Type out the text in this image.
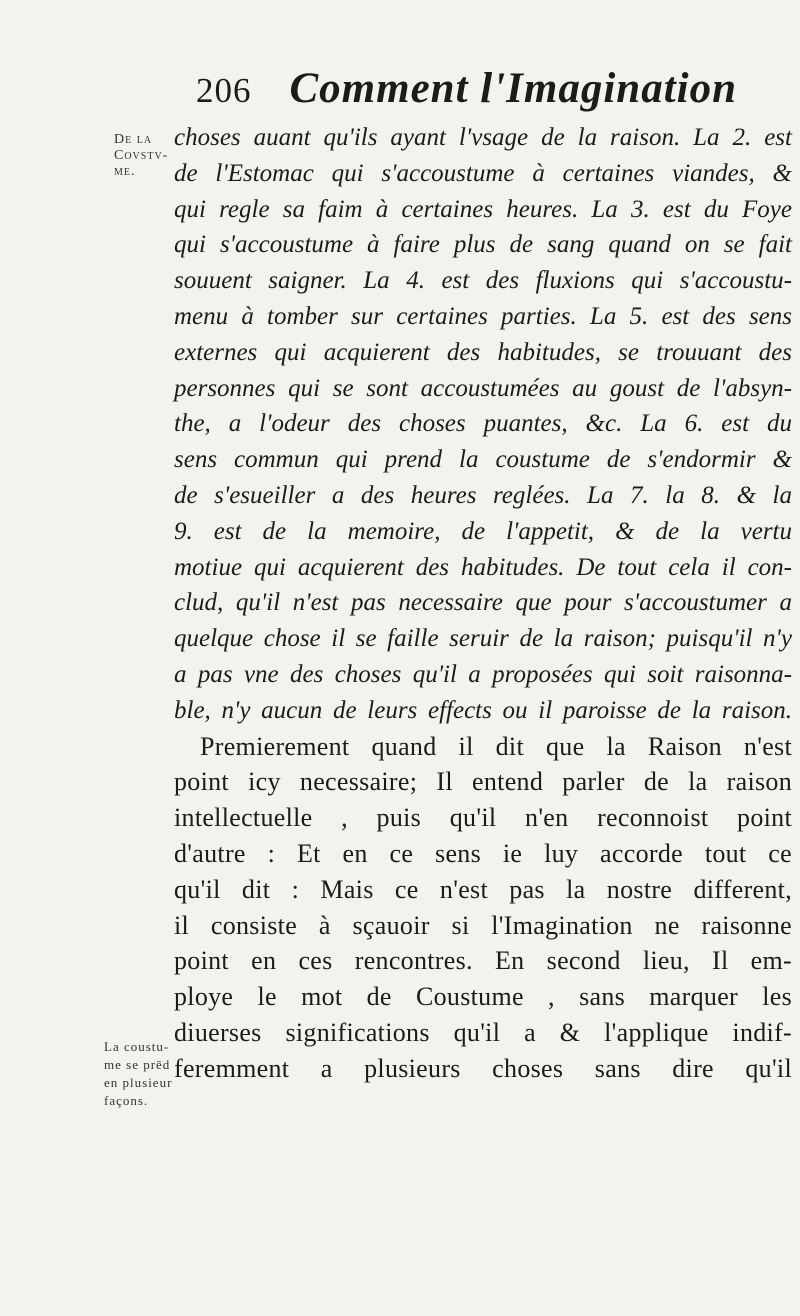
206 Comment l'Imagination
De la
Covstv-
me.
La coustu-
me se prēd
en plusieur
façons.
choses auant qu'ils ayant l'vsage de la raison. La 2. est
de l'Estomac qui s'accoustume à certaines viandes, &
qui regle sa faim à certaines heures. La 3. est du Foye
qui s'accoustume à faire plus de sang quand on se fait
souuent saigner. La 4. est des fluxions qui s'accoustu-
menu à tomber sur certaines parties. La 5. est des sens
externes qui acquierent des habitudes, se trouuant des
personnes qui se sont accoustumées au goust de l'absyn-
the, a l'odeur des choses puantes, &c. La 6. est du
sens commun qui prend la coustume de s'endormir &
de s'esueiller a des heures reglées. La 7. la 8. & la
9. est de la memoire, de l'appetit, & de la vertu
motiue qui acquierent des habitudes. De tout cela il con-
clud, qu'il n'est pas necessaire que pour s'accoustumer a
quelque chose il se faille seruir de la raison; puisqu'il n'y
a pas vne des choses qu'il a proposées qui soit raisonna-
ble, n'y aucun de leurs effects ou il paroisse de la raison.
Premierement quand il dit que la Raison n'est
point icy necessaire; Il entend parler de la raison
intellectuelle , puis qu'il n'en reconnoist point
d'autre : Et en ce sens ie luy accorde tout ce
qu'il dit : Mais ce n'est pas la nostre different,
il consiste à sçauoir si l'Imagination ne raisonne
point en ces rencontres. En second lieu, Il em-
ploye le mot de Coustume , sans marquer les
diuerses significations qu'il a & l'applique indif-
feremment a plusieurs choses sans dire qu'il
